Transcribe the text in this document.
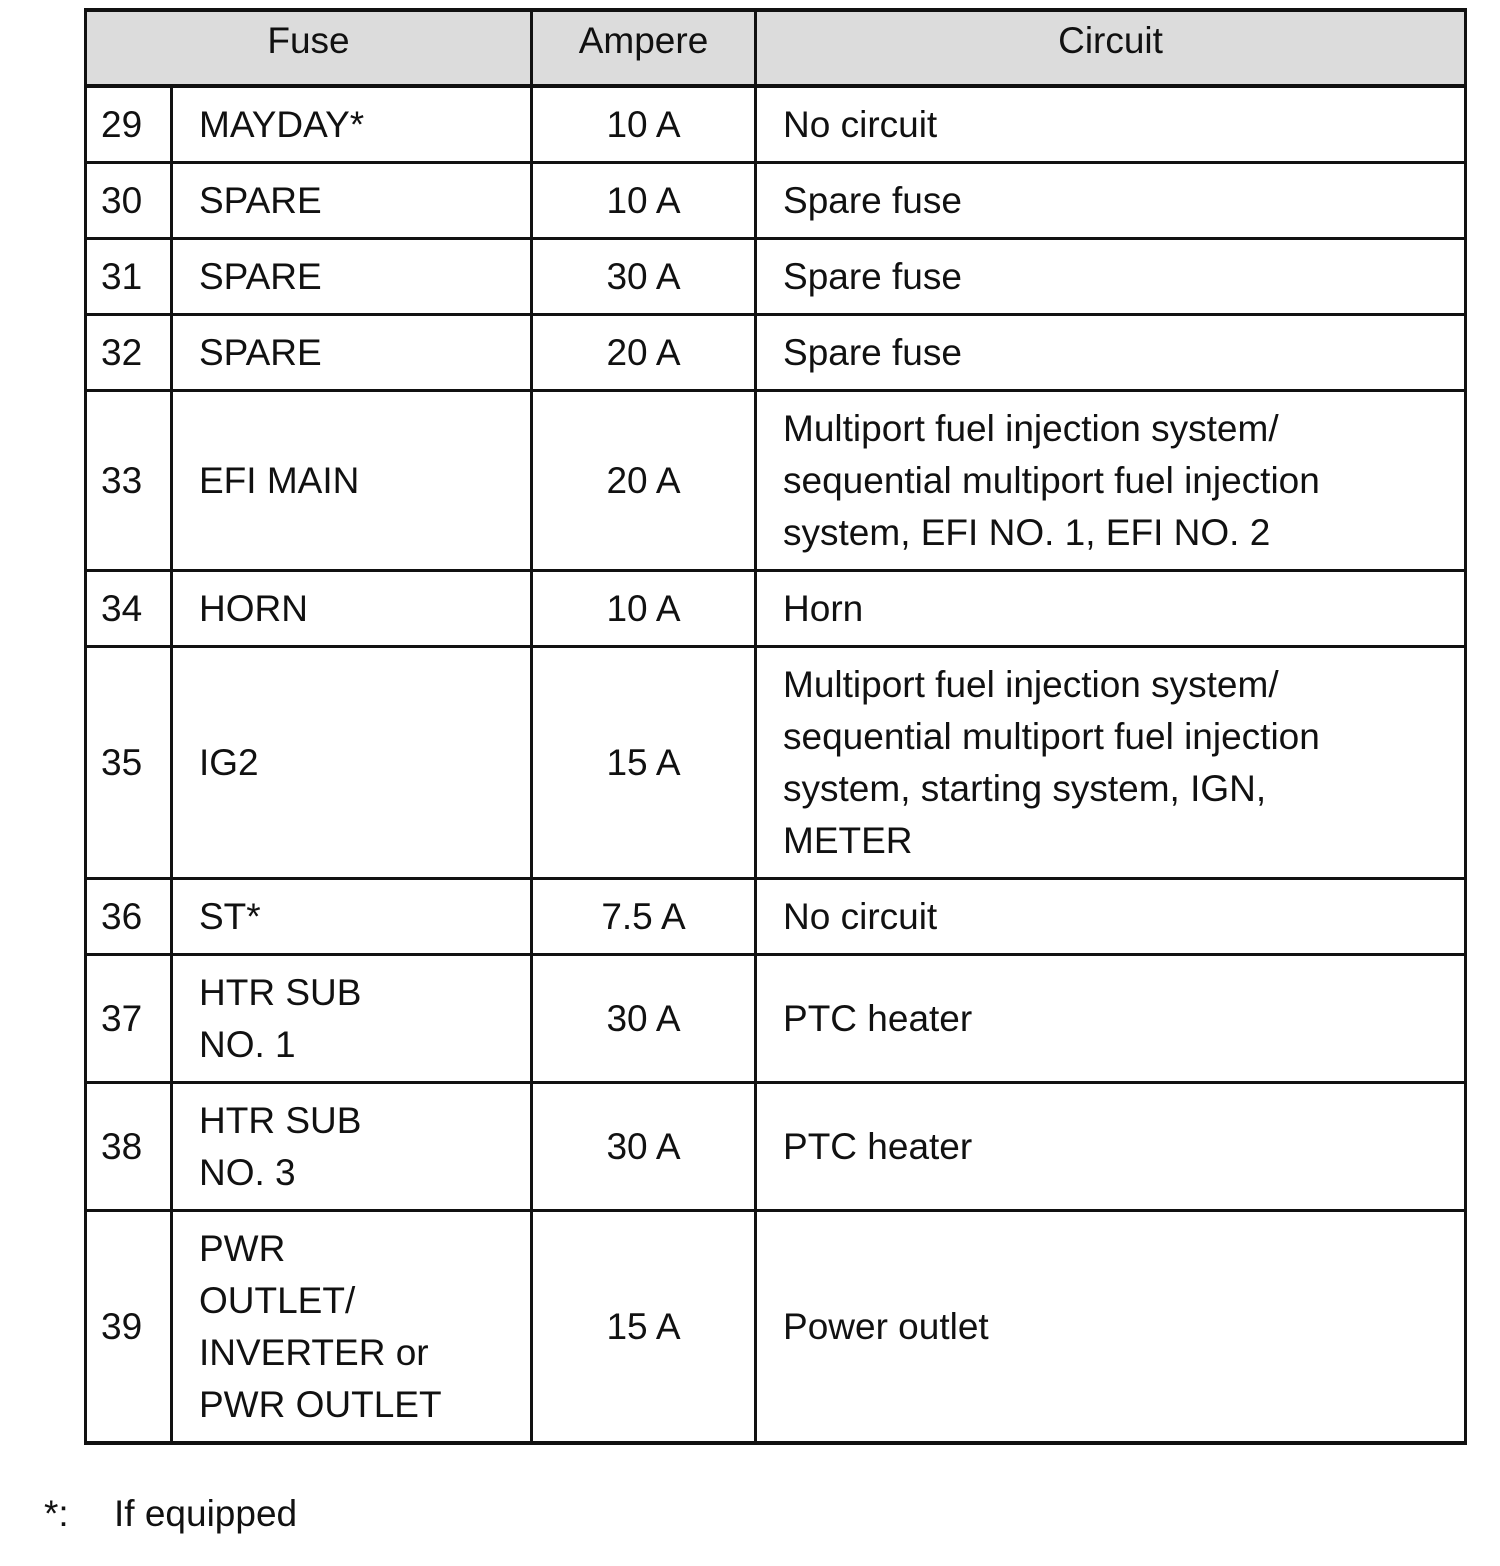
Fuse		Ampere	Circuit
29	MAYDAY*	10 A	No circuit
30	SPARE	10 A	Spare fuse
31	SPARE	30 A	Spare fuse
32	SPARE	20 A	Spare fuse
33	EFI MAIN	20 A	Multiport fuel injection system/
sequential multiport fuel injection
system, EFI NO. 1, EFI NO. 2
34	HORN	10 A	Horn
35	IG2	15 A	Multiport fuel injection system/
sequential multiport fuel injection
system, starting system, IGN,
METER
36	ST*	7.5 A	No circuit
37	HTR SUB
NO. 1	30 A	PTC heater
38	HTR SUB
NO. 3	30 A	PTC heater
39	PWR
OUTLET/
INVERTER or
PWR OUTLET	15 A	Power outlet
*: If equipped
